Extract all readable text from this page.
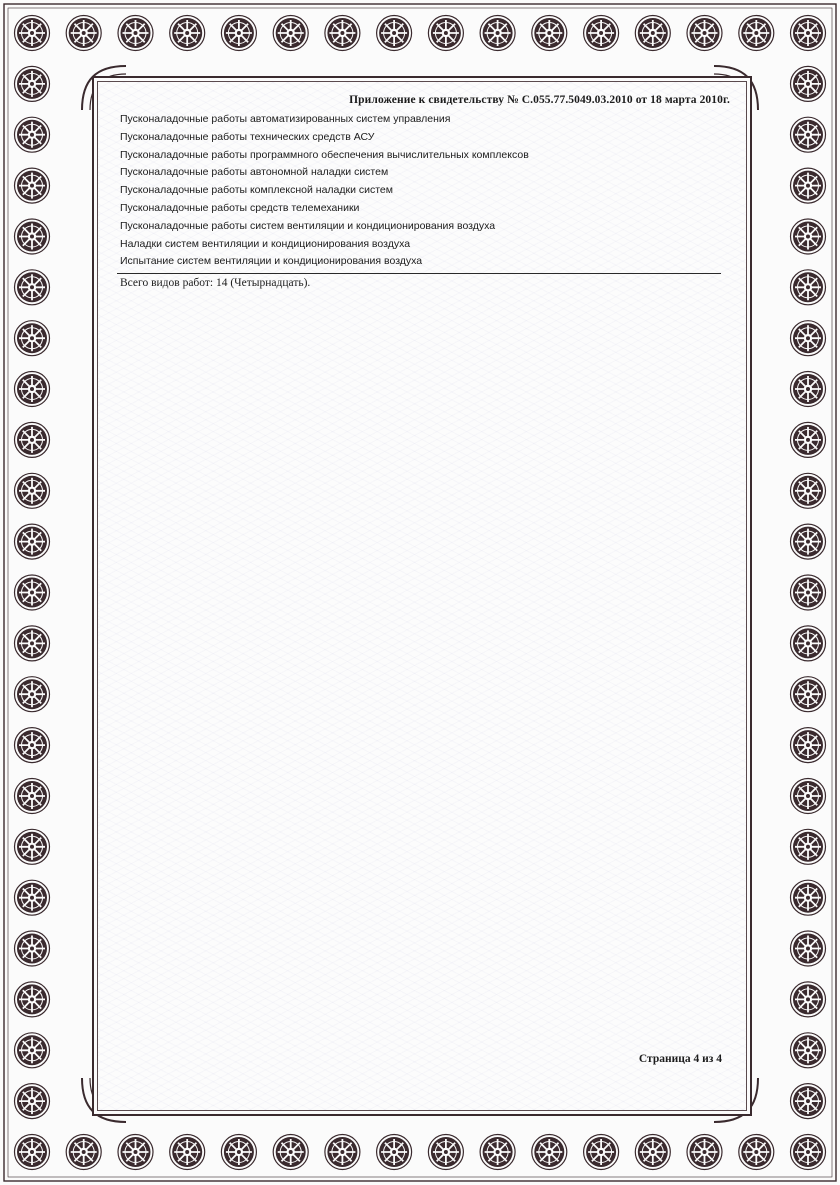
Приложение к свидетельству № С.055.77.5049.03.2010 от 18 марта 2010г.
Пусконаладочные работы автоматизированных систем управления
Пусконаладочные работы технических средств АСУ
Пусконаладочные работы программного обеспечения вычислительных комплексов
Пусконаладочные работы автономной наладки систем
Пусконаладочные работы комплексной наладки систем
Пусконаладочные работы средств телемеханики
Пусконаладочные работы систем вентиляции и кондиционирования воздуха
Наладки систем вентиляции и кондиционирования воздуха
Испытание систем вентиляции и кондиционирования воздуха
Всего видов работ: 14 (Четырнадцать).
Страница 4 из 4
